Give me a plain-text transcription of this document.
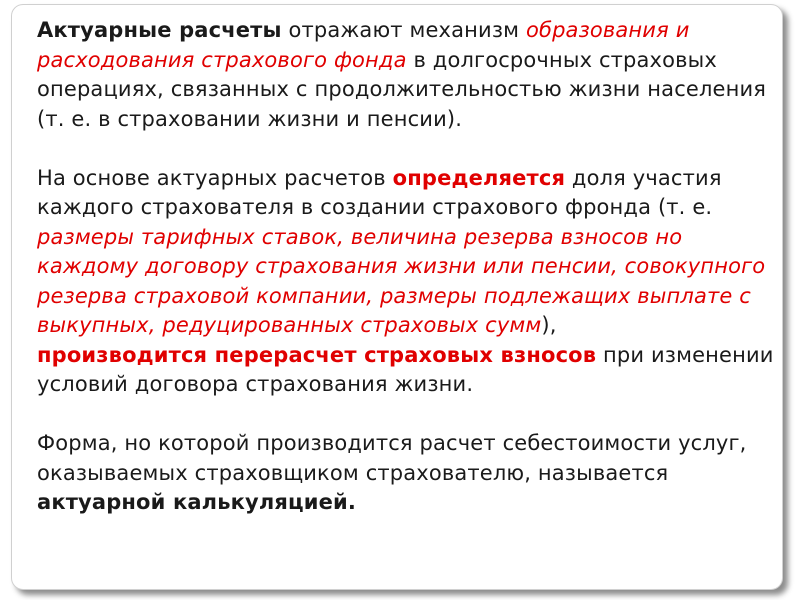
Актуарные расчеты отражают механизм образования и расходования страхового фонда в долгосрочных страховых операциях, связанных с продолжительностью жизни населения (т. е. в страховании жизни и пенсии).

На основе актуарных расчетов определяется доля участия каждого страхователя в создании страхового фронда (т. е. размеры тарифных ставок, величина резерва взносов но каждому договору страхования жизни или пенсии, совокупного резерва страховой компании, размеры подлежащих выплате с выкупных, редуцированных страховых сумм),
производится перерасчет страховых взносов при изменении условий договора страхования жизни.

Форма, но которой производится расчет себестоимости услуг, оказываемых страховщиком страхователю, называется актуарной калькуляцией.
